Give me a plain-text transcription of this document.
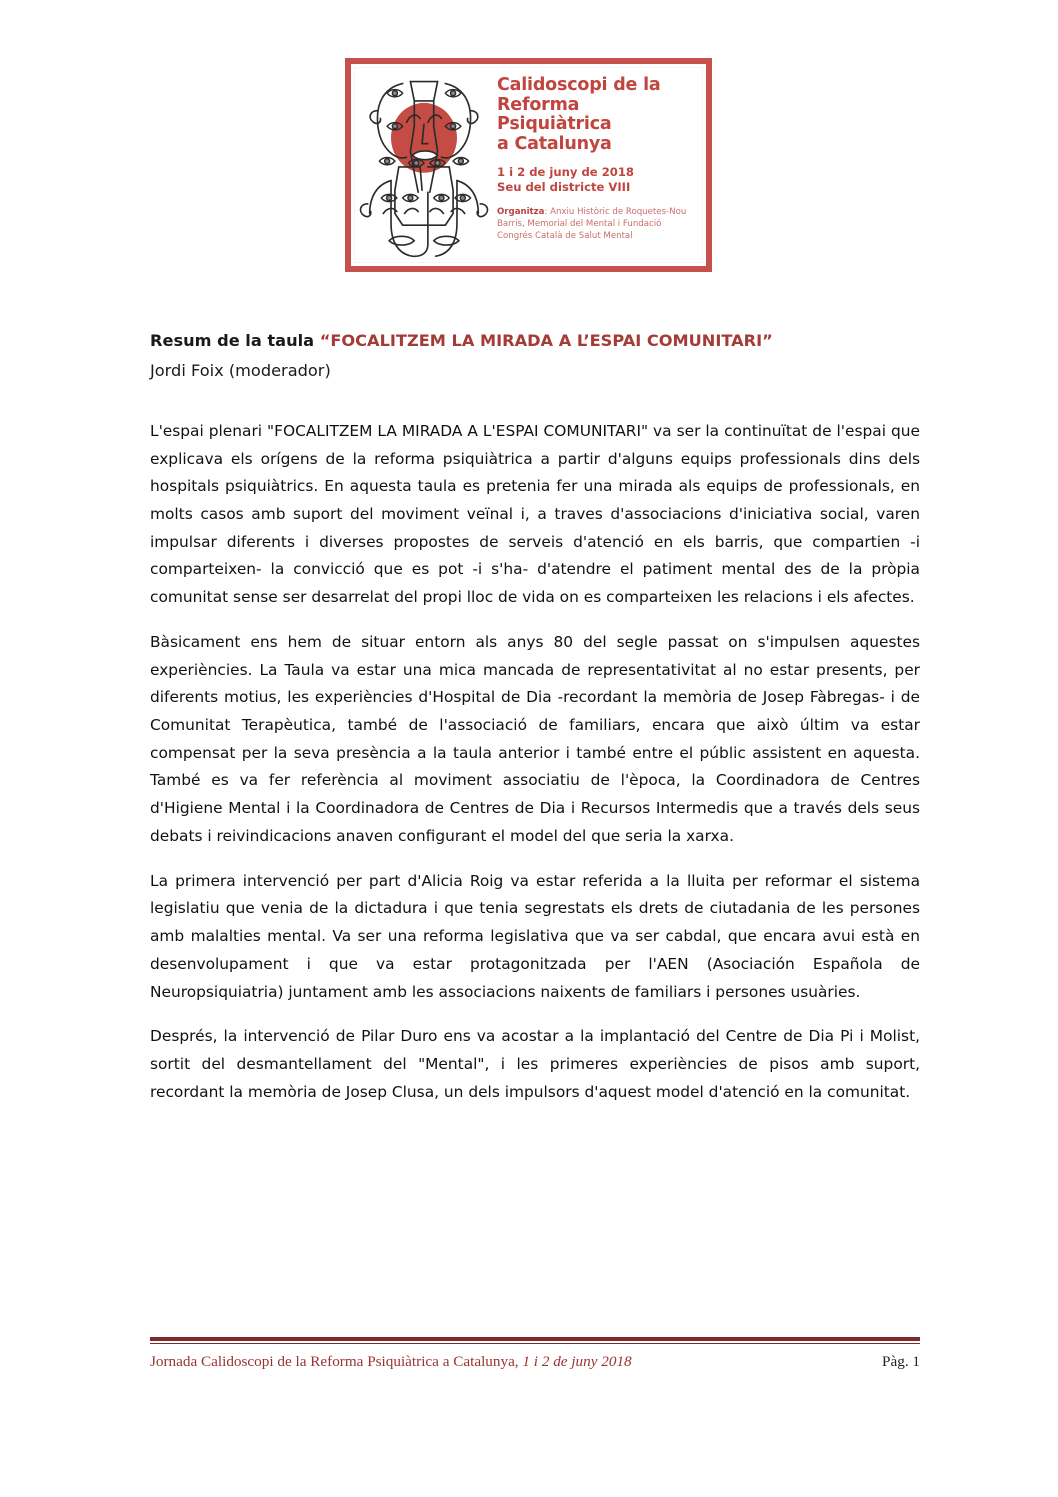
Calidoscopi de la
Reforma Psiquiàtrica
a Catalunya
1 i 2 de juny de 2018
Seu del districte VIII
Organitza: Anxiu Històric de Roquetes-Nou Barris, Memorial del Mental i Fundació Congrés Català de Salut Mental
Resum de la taula “FOCALITZEM LA MIRADA A L’ESPAI COMUNITARI”
Jordi Foix (moderador)

L'espai plenari "FOCALITZEM LA MIRADA A L'ESPAI COMUNITARI" va ser la continuïtat de l'espai que explicava els orígens de la reforma psiquiàtrica a partir d'alguns equips professionals dins dels hospitals psiquiàtrics. En aquesta taula es pretenia fer una mirada als equips de professionals, en molts casos amb suport del moviment veïnal i, a traves d'associacions d'iniciativa social, varen impulsar diferents i diverses propostes de serveis d'atenció en els barris, que compartien -i comparteixen- la convicció que es pot -i s'ha- d'atendre el patiment mental des de la pròpia comunitat sense ser desarrelat del propi lloc de vida on es comparteixen les relacions i els afectes.

Bàsicament ens hem de situar entorn als anys 80 del segle passat on s'impulsen aquestes experiències. La Taula va estar una mica mancada de representativitat al no estar presents, per diferents motius, les experiències d'Hospital de Dia -recordant la memòria de Josep Fàbregas- i de Comunitat Terapèutica, també de l'associació de familiars, encara que això últim va estar compensat per la seva presència a la taula anterior i també entre el públic assistent en aquesta. També es va fer referència al moviment associatiu de l'època, la Coordinadora de Centres d'Higiene Mental i la Coordinadora de Centres de Dia i Recursos Intermedis que a través dels seus debats i reivindicacions anaven configurant el model del que seria la xarxa.

La primera intervenció per part d'Alicia Roig va estar referida a la lluita per reformar el sistema legislatiu que venia de la dictadura i que tenia segrestats els drets de ciutadania de les persones amb malalties mental. Va ser una reforma legislativa que va ser cabdal, que encara avui està en desenvolupament i que va estar protagonitzada per l'AEN (Asociación Española de Neuropsiquiatria) juntament amb les associacions naixents de familiars i persones usuàries.

Després, la intervenció de Pilar Duro ens va acostar a la implantació del Centre de Dia Pi i Molist, sortit del desmantellament del "Mental", i les primeres experiències de pisos amb suport, recordant la memòria de Josep Clusa, un dels impulsors d'aquest model d'atenció en la comunitat.

Jornada Calidoscopi de la Reforma Psiquiàtrica a Catalunya, 1 i 2 de juny 2018	Pàg. 1
